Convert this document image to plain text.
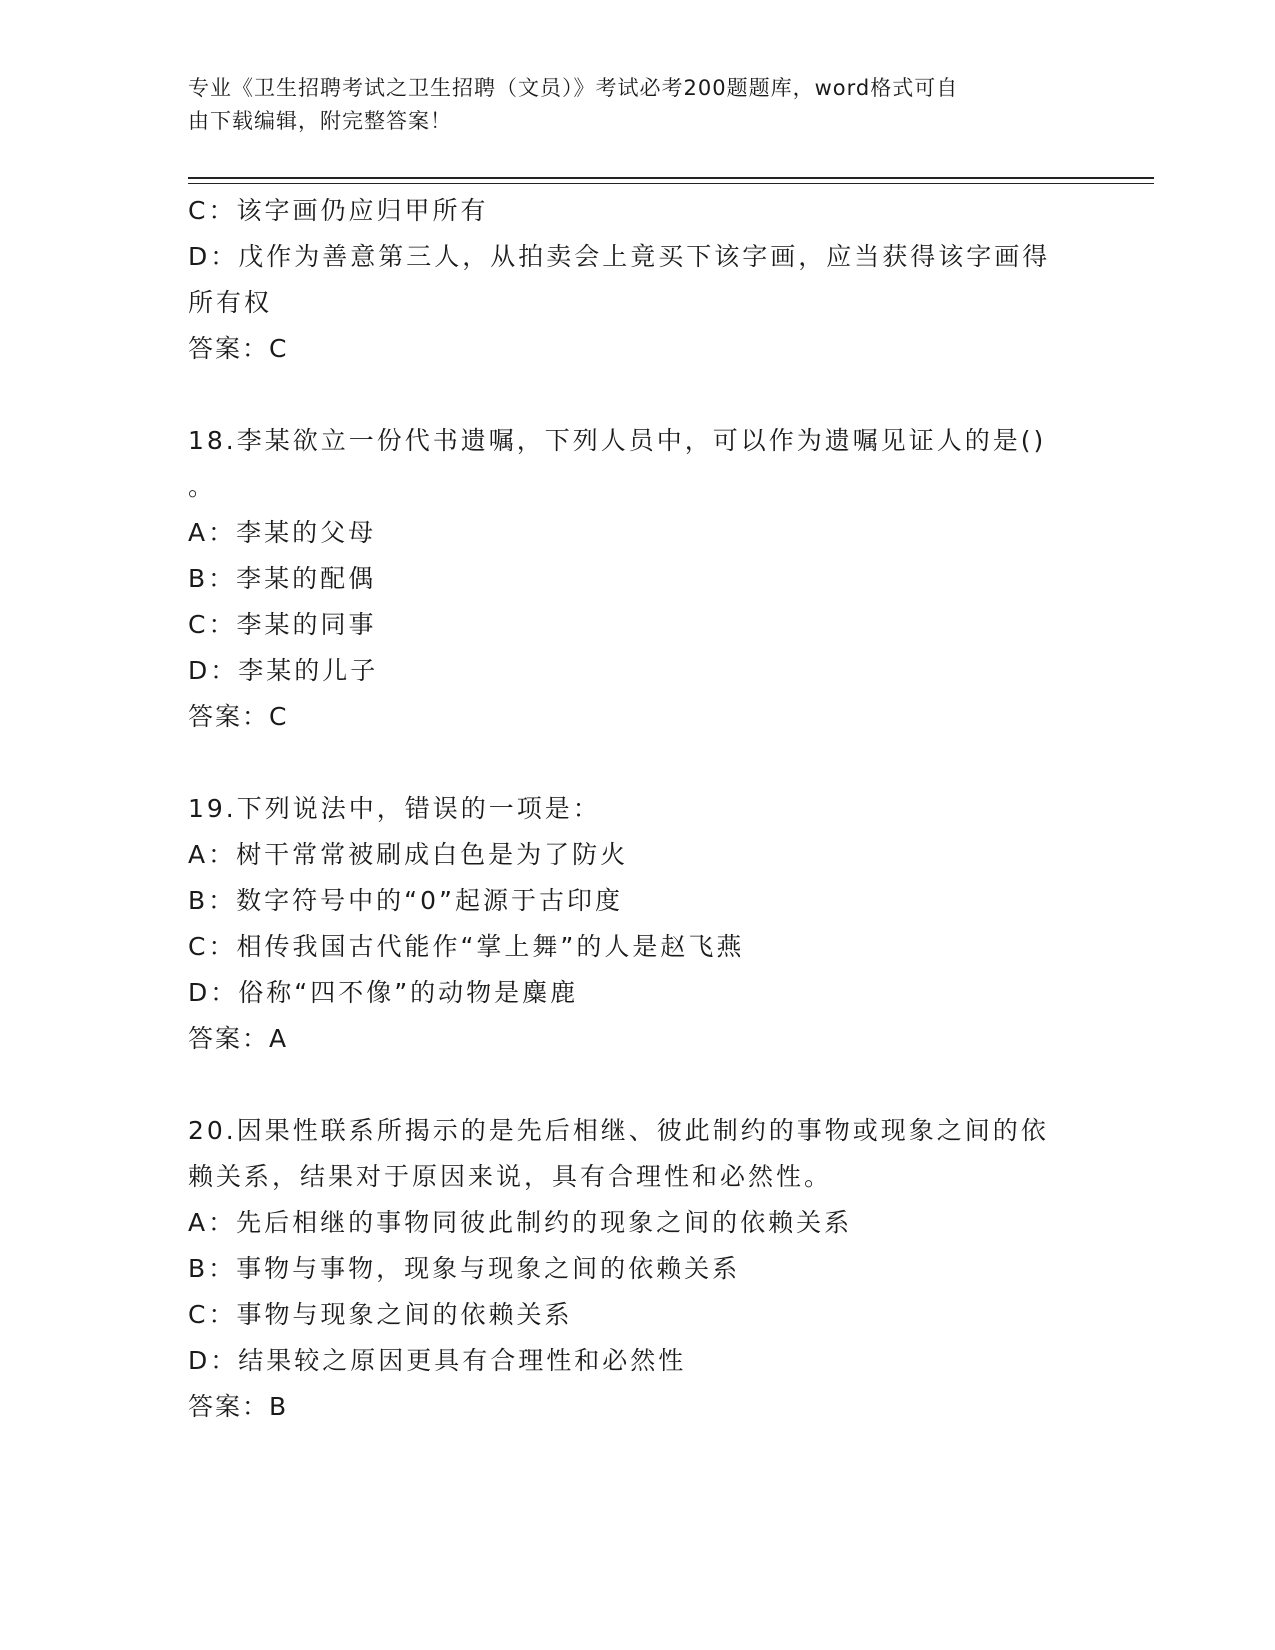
专业《卫生招聘考试之卫生招聘（文员）》考试必考200题题库，word格式可自
由下载编辑，附完整答案！
C：该字画仍应归甲所有
D：戊作为善意第三人，从拍卖会上竟买下该字画，应当获得该字画得
所有权
答案：C
18.李某欲立一份代书遗嘱，下列人员中，可以作为遗嘱见证人的是()
。
A：李某的父母
B：李某的配偶
C：李某的同事
D：李某的儿子
答案：C
19.下列说法中，错误的一项是：
A：树干常常被刷成白色是为了防火
B：数字符号中的“0”起源于古印度
C：相传我国古代能作“掌上舞”的人是赵飞燕
D：俗称“四不像”的动物是麋鹿
答案：A
20.因果性联系所揭示的是先后相继、彼此制约的事物或现象之间的依
赖关系，结果对于原因来说，具有合理性和必然性。
A：先后相继的事物同彼此制约的现象之间的依赖关系
B：事物与事物，现象与现象之间的依赖关系
C：事物与现象之间的依赖关系
D：结果较之原因更具有合理性和必然性
答案：B
